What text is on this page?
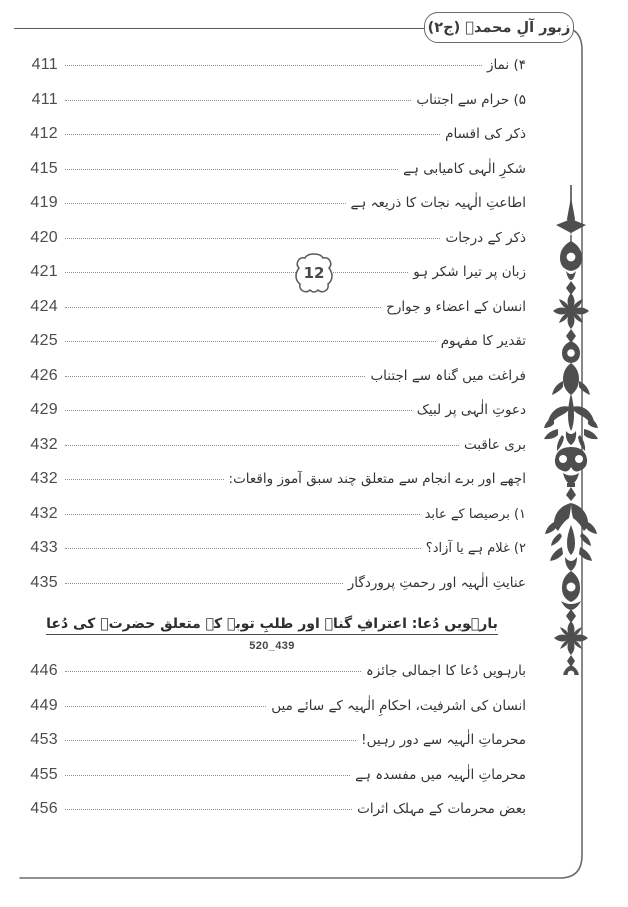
زبور آلِ محمدؐ (ج۲)
12
411	۴) نماز
411	۵) حرام سے اجتناب
412	ذکر کی اقسام
415	شکرِ الٰہی کامیابی ہے
419	اطاعتِ الٰہیہ نجات کا ذریعہ ہے
420	ذکر کے درجات
421	زبان پر تیرا شکر ہو
424	انسان کے اعضاء و جوارح
425	تقدیر کا مفہوم
426	فراغت میں گناہ سے اجتناب
429	دعوتِ الٰہی پر لبیک
432	بری عاقبت
432	اچھے اور برے انجام سے متعلق چند سبق آموز واقعات:
432	۱) برصیصا کے عابد
433	۲) غلام ہے یا آزاد؟
435	عنایتِ الٰہیہ اور رحمتِ پروردگار
بارہویں دُعا: اعترافِ گناہ اور طلبِ توبہ کے متعلق حضرتؑ کی دُعا
520_439
446	بارہویں دُعا کا اجمالی جائزہ
449	انسان کی اشرفیت، احکامِ الٰہیہ کے سائے میں
453	محرماتِ الٰہیہ سے دور رہیں!
455	محرماتِ الٰہیہ میں مفسدہ ہے
456	بعض محرمات کے مہلک اثرات
